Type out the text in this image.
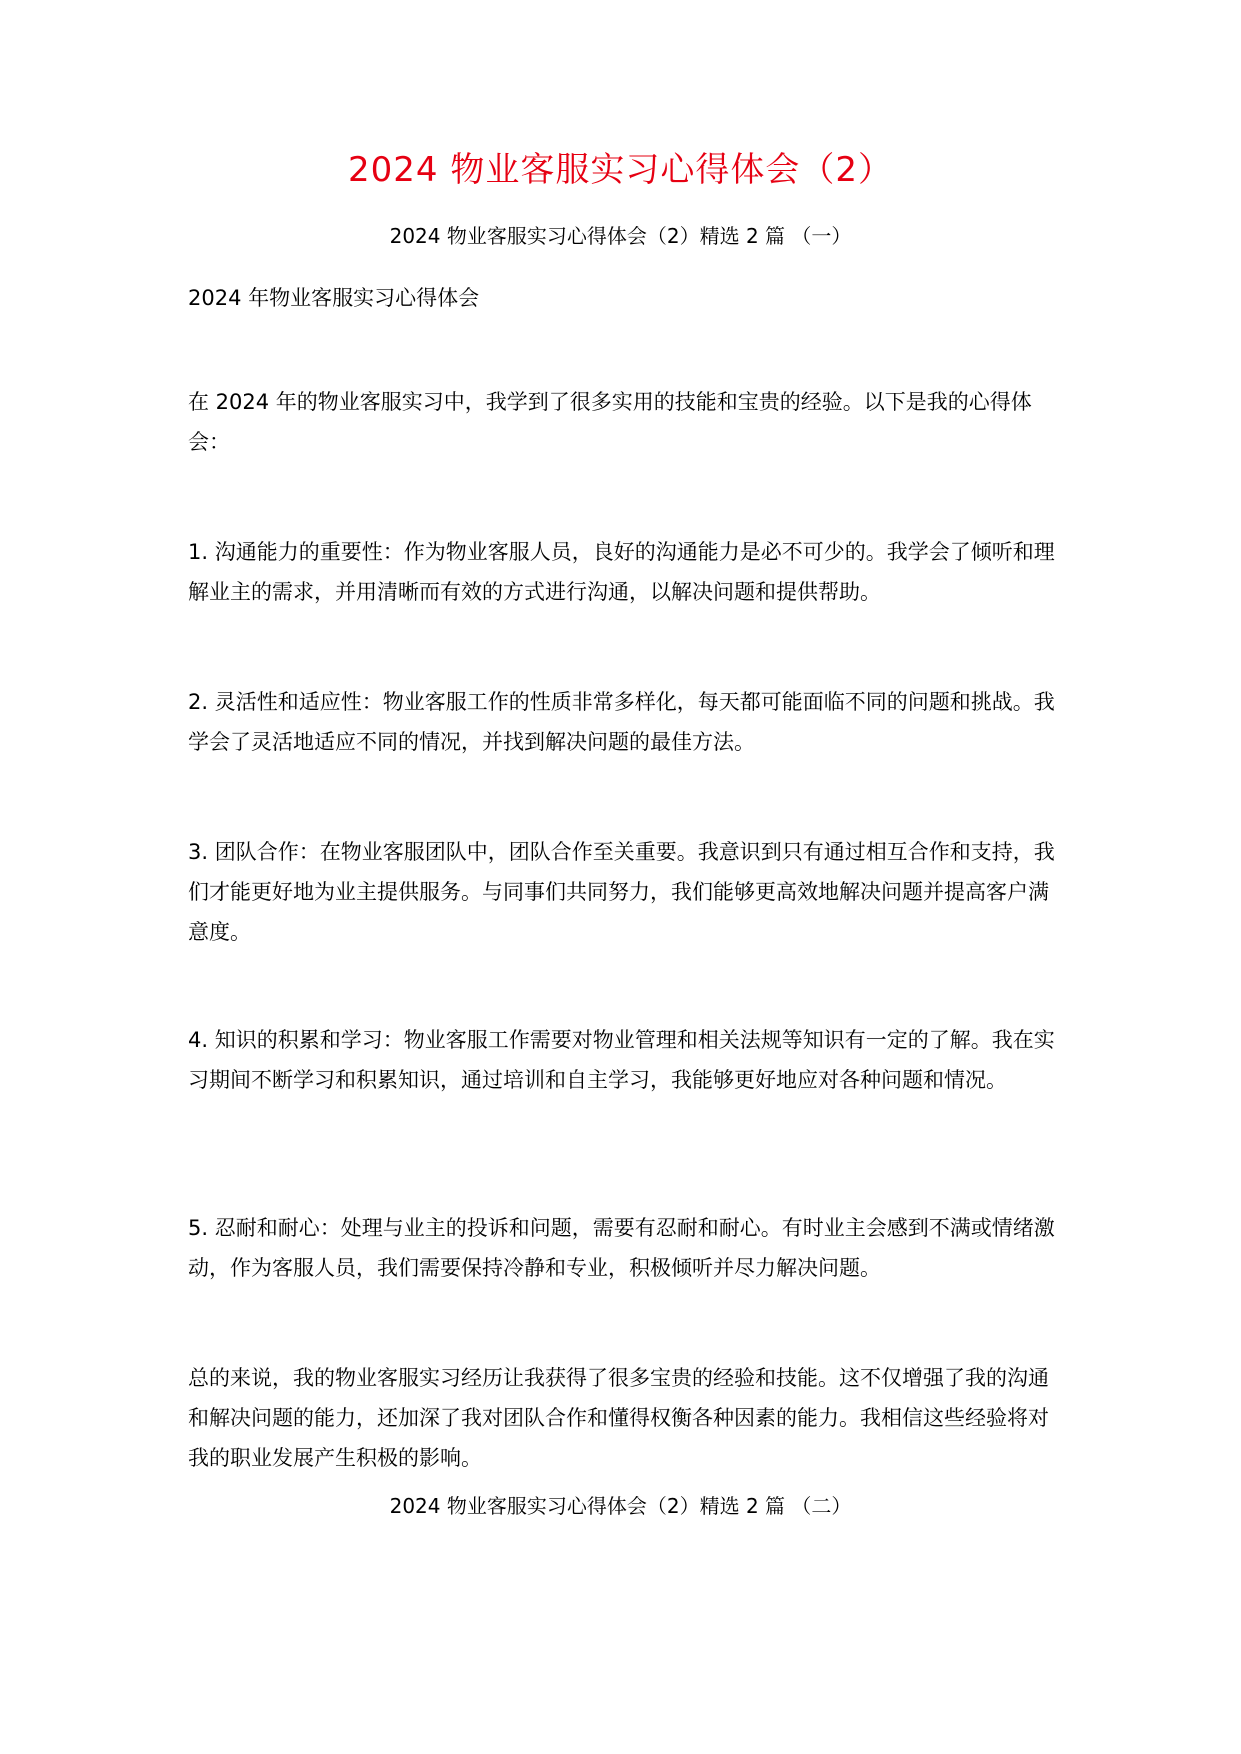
2024 物业客服实习心得体会（2）
2024 物业客服实习心得体会（2）精选 2 篇 （一）

2024 年物业客服实习心得体会

在 2024 年的物业客服实习中，我学到了很多实用的技能和宝贵的经验。以下是我的心得体会：

1. 沟通能力的重要性：作为物业客服人员，良好的沟通能力是必不可少的。我学会了倾听和理解业主的需求，并用清晰而有效的方式进行沟通，以解决问题和提供帮助。

2. 灵活性和适应性：物业客服工作的性质非常多样化，每天都可能面临不同的问题和挑战。我学会了灵活地适应不同的情况，并找到解决问题的最佳方法。

3. 团队合作：在物业客服团队中，团队合作至关重要。我意识到只有通过相互合作和支持，我们才能更好地为业主提供服务。与同事们共同努力，我们能够更高效地解决问题并提高客户满意度。

4. 知识的积累和学习：物业客服工作需要对物业管理和相关法规等知识有一定的了解。我在实习期间不断学习和积累知识，通过培训和自主学习，我能够更好地应对各种问题和情况。

5. 忍耐和耐心：处理与业主的投诉和问题，需要有忍耐和耐心。有时业主会感到不满或情绪激动，作为客服人员，我们需要保持冷静和专业，积极倾听并尽力解决问题。

总的来说，我的物业客服实习经历让我获得了很多宝贵的经验和技能。这不仅增强了我的沟通和解决问题的能力，还加深了我对团队合作和懂得权衡各种因素的能力。我相信这些经验将对我的职业发展产生积极的影响。

2024 物业客服实习心得体会（2）精选 2 篇 （二）
